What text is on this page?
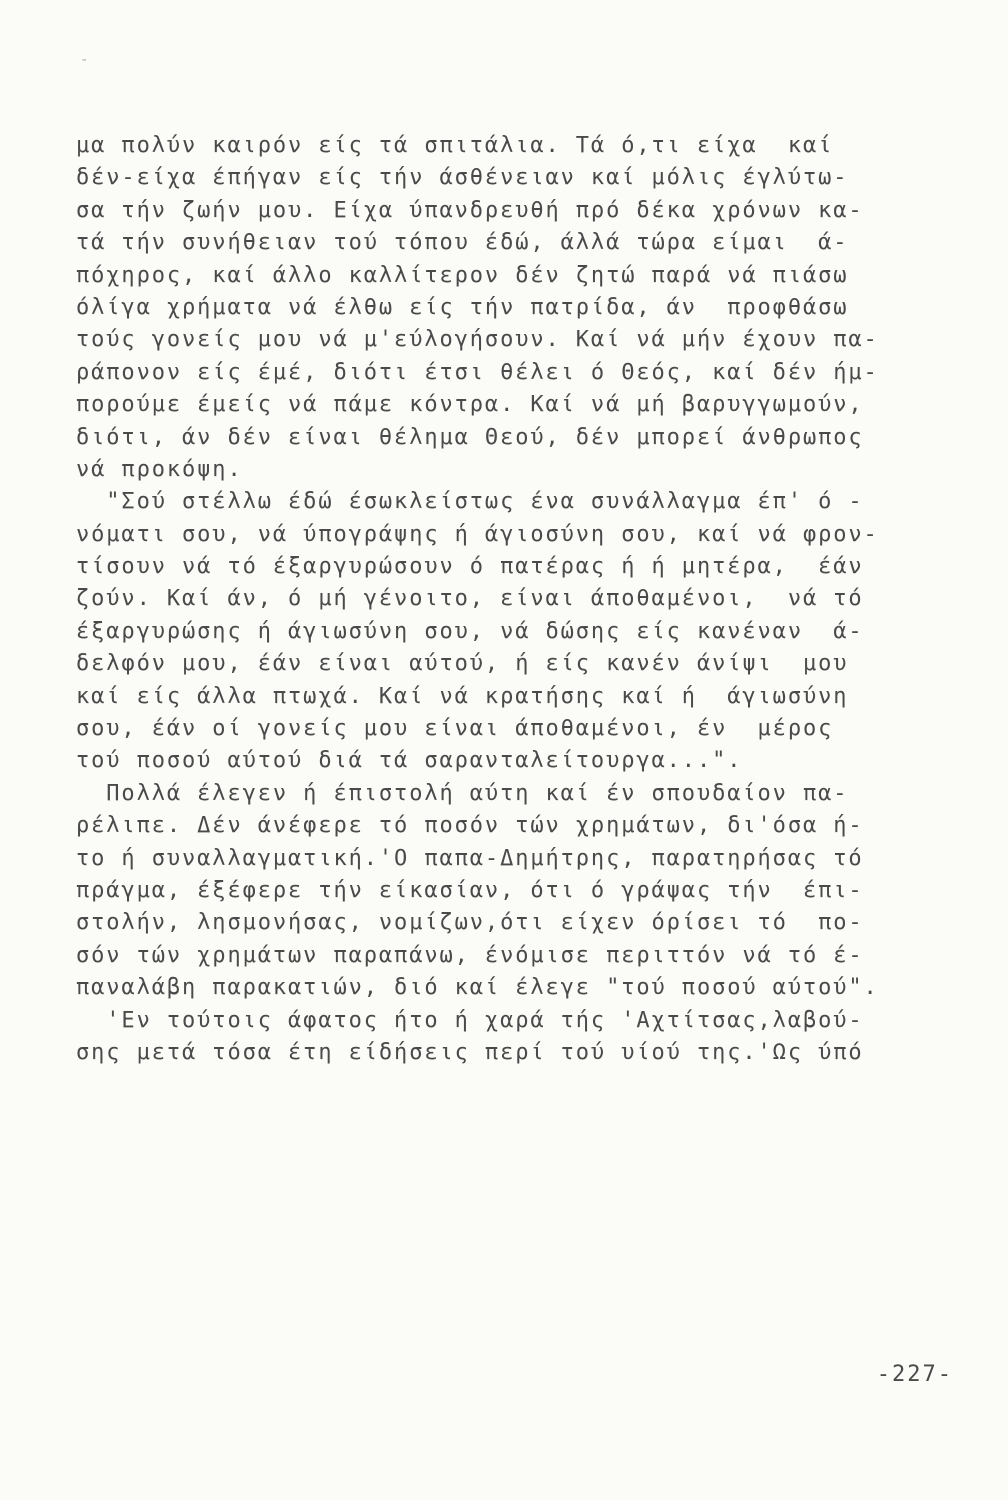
-
μα πολύν καιρόν είς τά σπιτάλια. Τά ό,τι είχα  καί
δέν-είχα έπήγαν είς τήν άσθένειαν καί μόλις έγλύτω-
σα τήν ζωήν μου. Είχα ύπανδρευθή πρό δέκα χρόνων κα-
τά τήν συνήθειαν τού τόπου έδώ, άλλά τώρα είμαι  ά-
πόχηρος, καί άλλο καλλίτερον δέν ζητώ παρά νά πιάσω
όλίγα χρήματα νά έλθω είς τήν πατρίδα, άν  προφθάσω
τούς γονείς μου νά μ'εύλογήσουν. Καί νά μήν έχουν πα-
ράπονον είς έμέ, διότι έτσι θέλει ό Θεός, καί δέν ήμ-
πορούμε έμείς νά πάμε κόντρα. Καί νά μή βαρυγγωμούν,
διότι, άν δέν είναι θέλημα Θεού, δέν μπορεί άνθρωπος
νά προκόψη.
"Σού στέλλω έδώ έσωκλείστως ένα συνάλλαγμα έπ' ό -
νόματι σου, νά ύπογράψης ή άγιοσύνη σου, καί νά φρον-
τίσουν νά τό έξαργυρώσουν ό πατέρας ή ή μητέρα,  έάν
ζούν. Καί άν, ό μή γένοιτο, είναι άποθαμένοι,  νά τό
έξαργυρώσης ή άγιωσύνη σου, νά δώσης είς κανέναν  ά-
δελφόν μου, έάν είναι αύτού, ή είς κανέν άνίψι  μου
καί είς άλλα πτωχά. Καί νά κρατήσης καί ή  άγιωσύνη
σου, έάν οί γονείς μου είναι άποθαμένοι, έν  μέρος
τού ποσού αύτού διά τά σαρανταλείτουργα...".
Πολλά έλεγεν ή έπιστολή αύτη καί έν σπουδαίον πα-
ρέλιπε. Δέν άνέφερε τό ποσόν τών χρημάτων, δι'όσα ή-
το ή συναλλαγματική.'Ο παπα-Δημήτρης, παρατηρήσας τό
πράγμα, έξέφερε τήν είκασίαν, ότι ό γράψας τήν  έπι-
στολήν, λησμονήσας, νομίζων,ότι είχεν όρίσει τό  πο-
σόν τών χρημάτων παραπάνω, ένόμισε περιττόν νά τό έ-
παναλάβη παρακατιών, διό καί έλεγε "τού ποσού αύτού".
'Εν τούτοις άφατος ήτο ή χαρά τής 'Αχτίτσας,λαβού-
σης μετά τόσα έτη είδήσεις περί τού υίού της.'Ως ύπό
-227-
